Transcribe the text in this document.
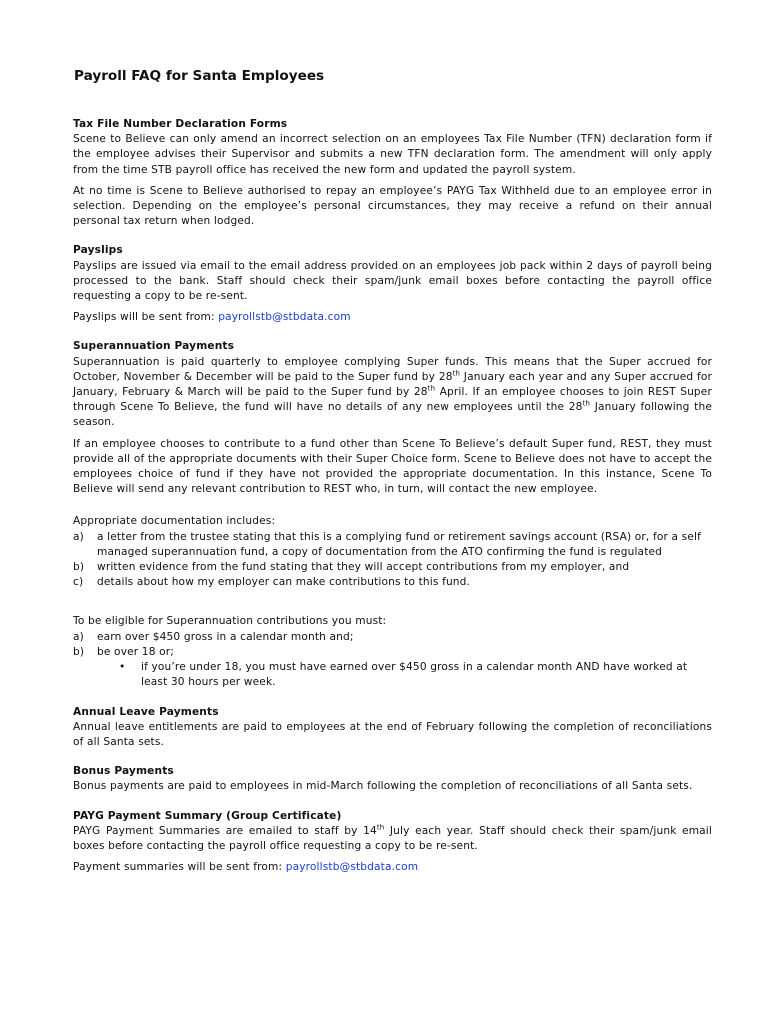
Payroll FAQ for Santa Employees
Tax File Number Declaration Forms

Scene to Believe can only amend an incorrect selection on an employees Tax File Number (TFN) declaration form if the employee advises their Supervisor and submits a new TFN declaration form. The amendment will only apply from the time STB payroll office has received the new form and updated the payroll system.

At no time is Scene to Believe authorised to repay an employee’s PAYG Tax Withheld due to an employee error in selection. Depending on the employee’s personal circumstances, they may receive a refund on their annual personal tax return when lodged.

Payslips

Payslips are issued via email to the email address provided on an employees job pack within 2 days of payroll being processed to the bank. Staff should check their spam/junk email boxes before contacting the payroll office requesting a copy to be re-sent.

Payslips will be sent from: payrollstb@stbdata.com

Superannuation Payments

Superannuation is paid quarterly to employee complying Super funds. This means that the Super accrued for October, November & December will be paid to the Super fund by 28th January each year and any Super accrued for January, February & March will be paid to the Super fund by 28th April. If an employee chooses to join REST Super through Scene To Believe, the fund will have no details of any new employees until the 28th January following the season.

If an employee chooses to contribute to a fund other than Scene To Believe’s default Super fund, REST, they must provide all of the appropriate documents with their Super Choice form. Scene to Believe does not have to accept the employees choice of fund if they have not provided the appropriate documentation. In this instance, Scene To Believe will send any relevant contribution to REST who, in turn, will contact the new employee.

Appropriate documentation includes:

a) a letter from the trustee stating that this is a complying fund or retirement savings account (RSA) or, for a self managed superannuation fund, a copy of documentation from the ATO confirming the fund is regulated
b) written evidence from the fund stating that they will accept contributions from my employer, and
c) details about how my employer can make contributions to this fund.

To be eligible for Superannuation contributions you must:

a) earn over $450 gross in a calendar month and;
b) be over 18 or;
• if you’re under 18, you must have earned over $450 gross in a calendar month AND have worked at least 30 hours per week.
Annual Leave Payments

Annual leave entitlements are paid to employees at the end of February following the completion of reconciliations of all Santa sets.

Bonus Payments

Bonus payments are paid to employees in mid-March following the completion of reconciliations of all Santa sets.

PAYG Payment Summary (Group Certificate)

PAYG Payment Summaries are emailed to staff by 14th July each year. Staff should check their spam/junk email boxes before contacting the payroll office requesting a copy to be re-sent.

Payment summaries will be sent from: payrollstb@stbdata.com
